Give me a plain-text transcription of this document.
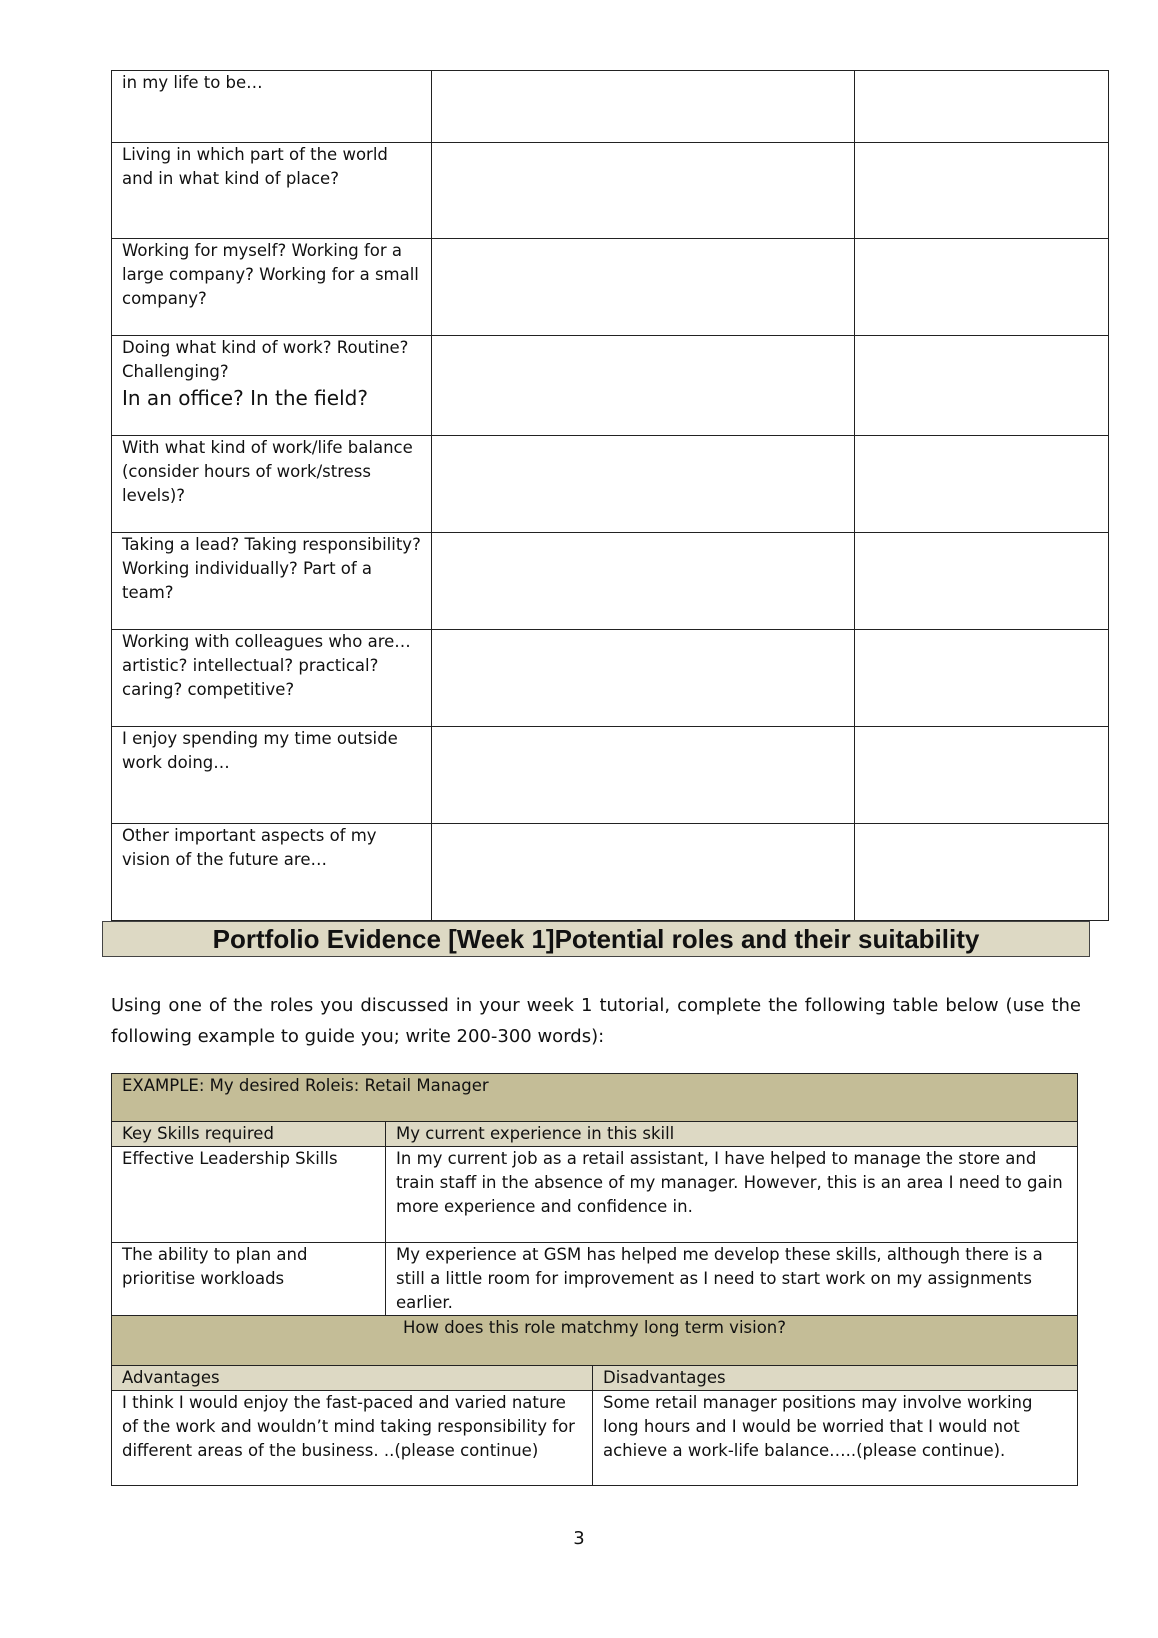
in my life to be…		
Living in which part of the world and in what kind of place?		
Working for myself? Working for a large company? Working for a small company?		
Doing what kind of work? Routine? Challenging?
In an office? In the field?		

With what kind of work/life balance (consider hours of work/stress levels)?		
Taking a lead? Taking responsibility? Working individually? Part of a team?		
Working with colleagues who are… artistic? intellectual? practical? caring? competitive?		
I enjoy spending my time outside work doing…		
Other important aspects of my vision of the future are…		
Portfolio Evidence [Week 1]Potential roles and their suitability

Using one of the roles you discussed in your week 1 tutorial, complete the following table below (use the following example to guide you; write 200-300 words):

EXAMPLE: My desired Roleis: Retail Manager		
Key Skills required	My current experience in this skill	
Effective Leadership Skills	In my current job as a retail assistant, I have helped to manage the store and train staff in the absence of my manager. However, this is an area I need to gain more experience and confidence in.	
The ability to plan and prioritise workloads	My experience at GSM has helped me develop these skills, although there is a still a little room for improvement as I need to start work on my assignments earlier.	
How does this role matchmy long term vision?		
Advantages		Disadvantages
I think I would enjoy the fast-paced and varied nature of the work and wouldn’t mind taking responsibility for different areas of the business. ..(please continue)		Some retail manager positions may involve working long hours and I would be worried that I would not achieve a work-life balance…..(please continue).
3
